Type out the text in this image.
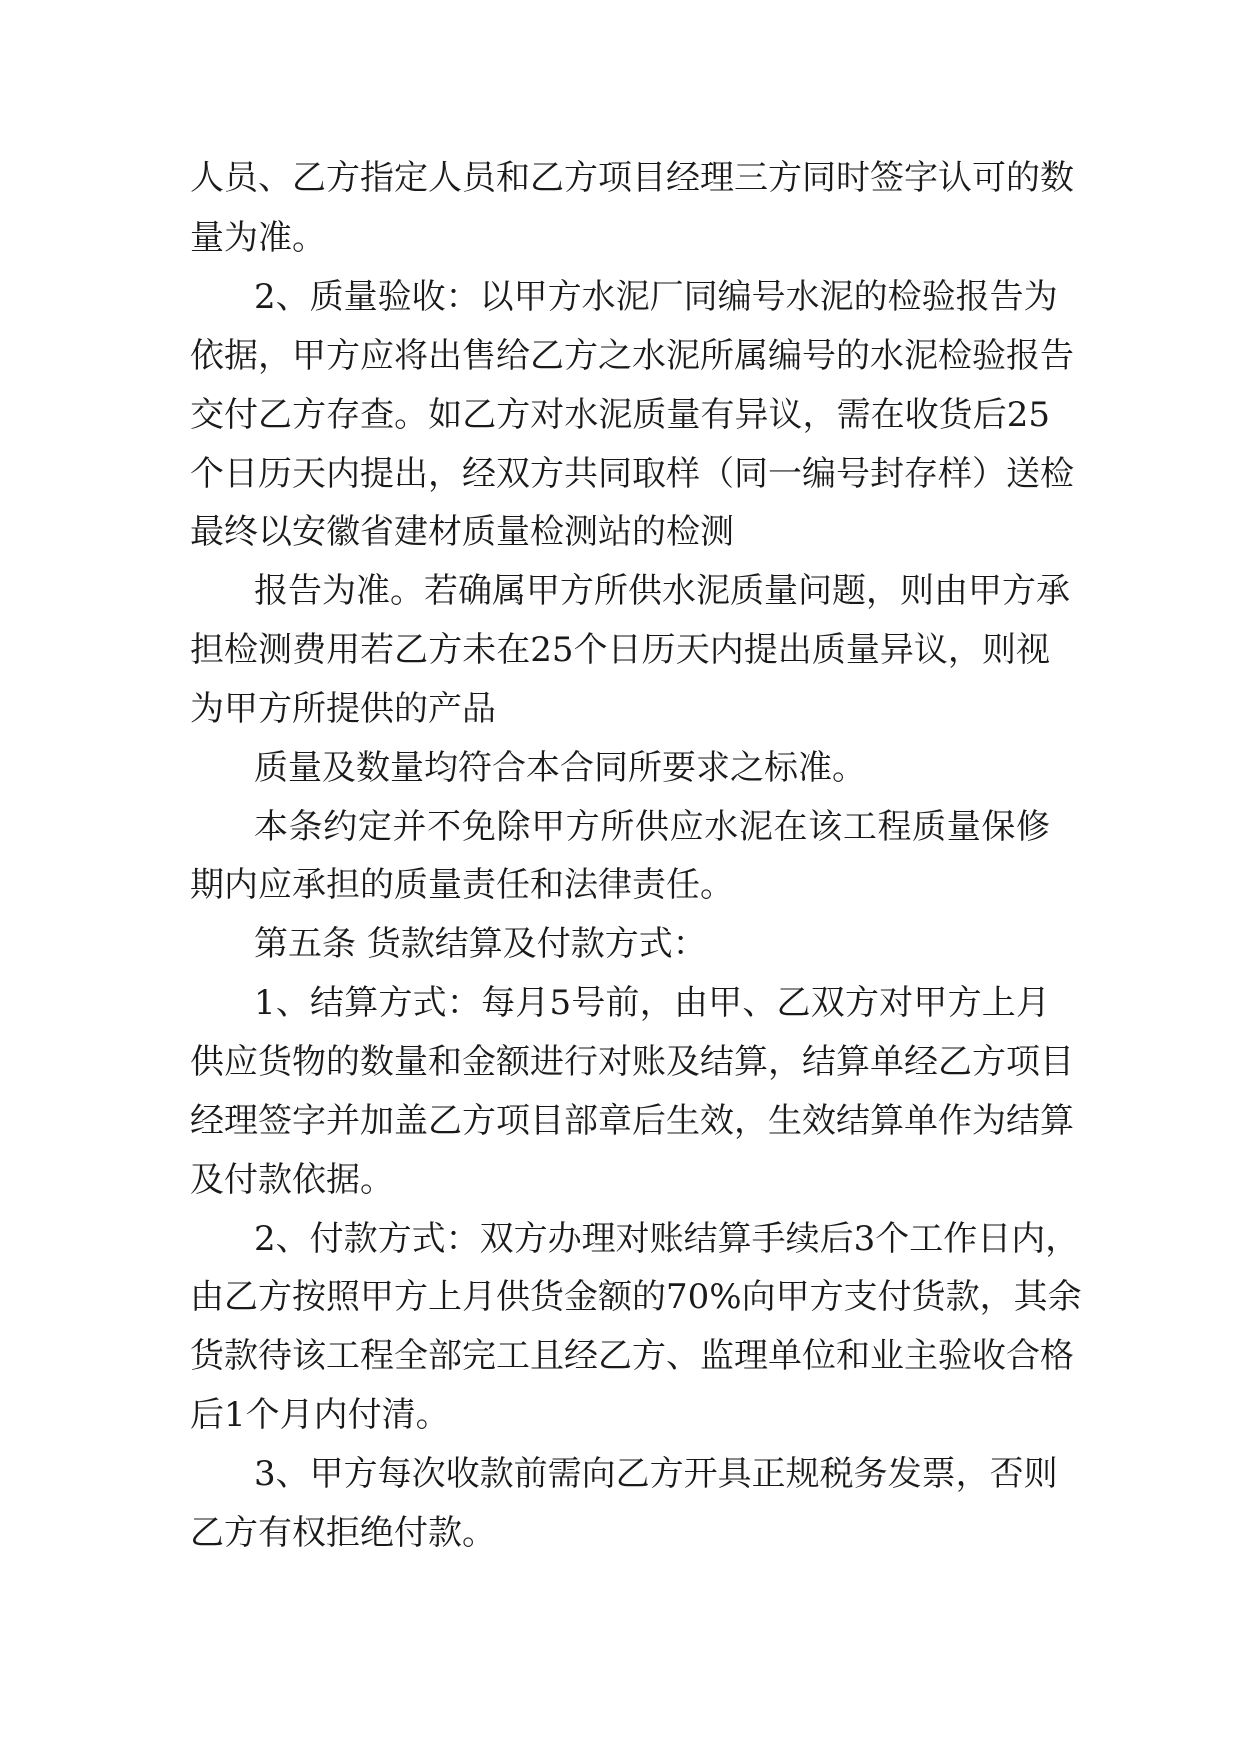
人员、乙方指定人员和乙方项目经理三方同时签字认可的数
量为准。
2、质量验收：以甲方水泥厂同编号水泥的检验报告为
依据，甲方应将出售给乙方之水泥所属编号的水泥检验报告
交付乙方存查。如乙方对水泥质量有异议，需在收货后25
个日历天内提出，经双方共同取样（同一编号封存样）送检
最终以安徽省建材质量检测站的检测
报告为准。若确属甲方所供水泥质量问题，则由甲方承
担检测费用若乙方未在25个日历天内提出质量异议，则视
为甲方所提供的产品
质量及数量均符合本合同所要求之标准。
本条约定并不免除甲方所供应水泥在该工程质量保修
期内应承担的质量责任和法律责任。
第五条 货款结算及付款方式：
1、结算方式：每月5号前，由甲、乙双方对甲方上月
供应货物的数量和金额进行对账及结算，结算单经乙方项目
经理签字并加盖乙方项目部章后生效，生效结算单作为结算
及付款依据。
2、付款方式：双方办理对账结算手续后3个工作日内，
由乙方按照甲方上月供货金额的70%向甲方支付货款，其余
货款待该工程全部完工且经乙方、监理单位和业主验收合格
后1个月内付清。
3、甲方每次收款前需向乙方开具正规税务发票，否则
乙方有权拒绝付款。
